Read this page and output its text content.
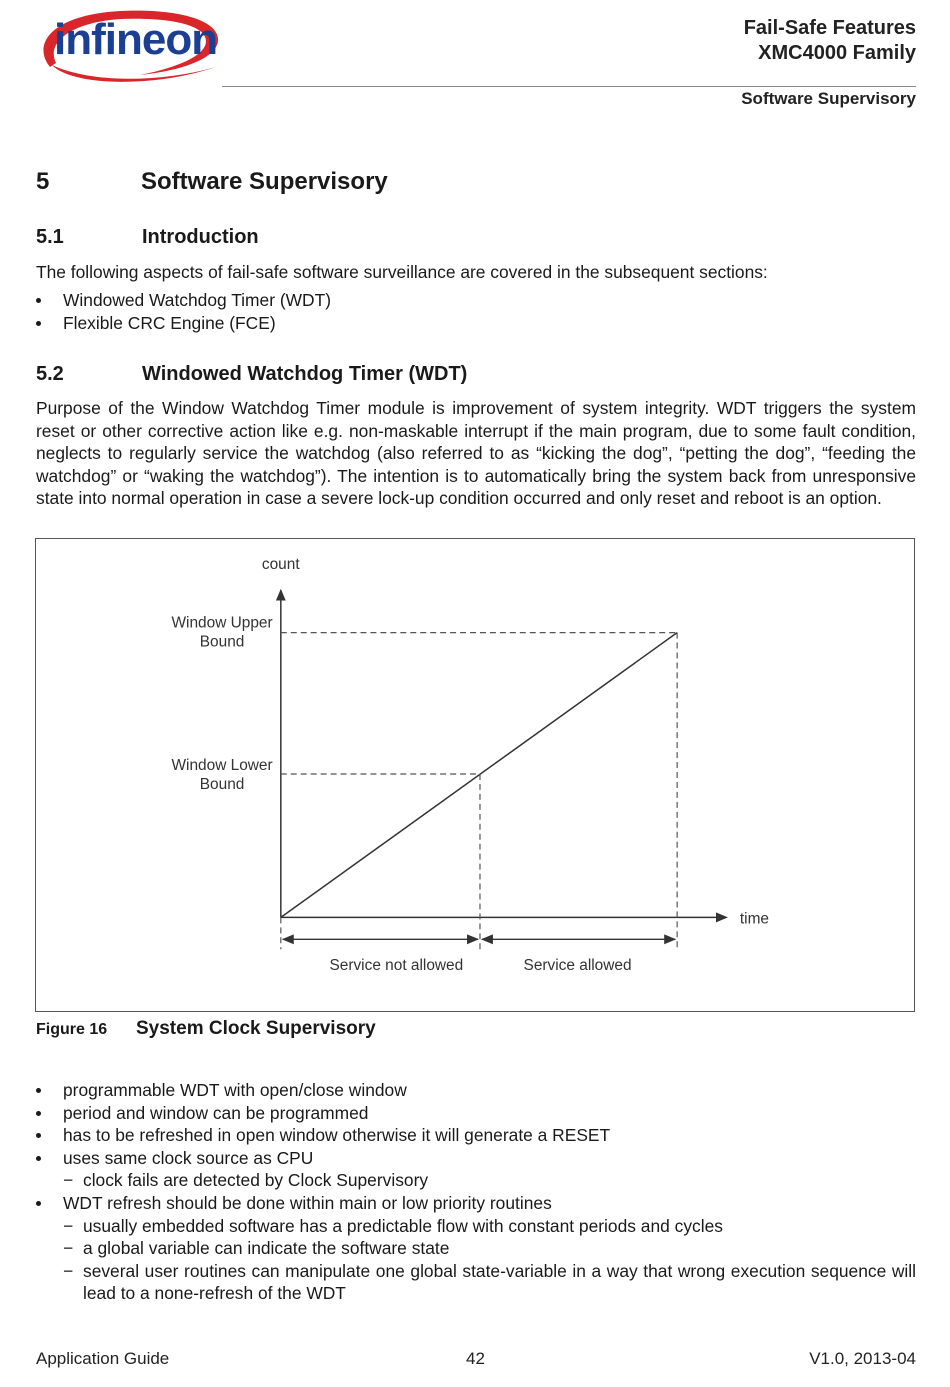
infineon	Fail-Safe Features
XMC4000 Family
Software Supervisory
5	Software Supervisory
5.1	Introduction
The following aspects of fail-safe software surveillance are covered in the subsequent sections:
Windowed Watchdog Timer (WDT)
Flexible CRC Engine (FCE)
5.2	Windowed Watchdog Timer (WDT)
Purpose of the Window Watchdog Timer module is improvement of system integrity. WDT triggers the system reset or other corrective action like e.g. non-maskable interrupt if the main program, due to some fault condition, neglects to regularly service the watchdog (also referred to as “kicking the dog”, “petting the dog”, “feeding the watchdog” or “waking the watchdog”). The intention is to automatically bring the system back from unresponsive state into normal operation in case a severe lock-up condition occurred and only reset and reboot is an option.
count
time
Window Upper
Bound
Window Lower
Bound
Service not allowed	Service allowed
Figure 16 System Clock Supervisory
programmable WDT with open/close window
period and window can be programmed
has to be refreshed in open window otherwise it will generate a RESET
uses same clock source as CPU
− clock fails are detected by Clock Supervisory
WDT refresh should be done within main or low priority routines
− usually embedded software has a predictable flow with constant periods and cycles
− a global variable can indicate the software state
− several user routines can manipulate one global state-variable in a way that wrong execution sequence will lead to a none-refresh of the WDT
Application Guide	42	V1.0, 2013-04
